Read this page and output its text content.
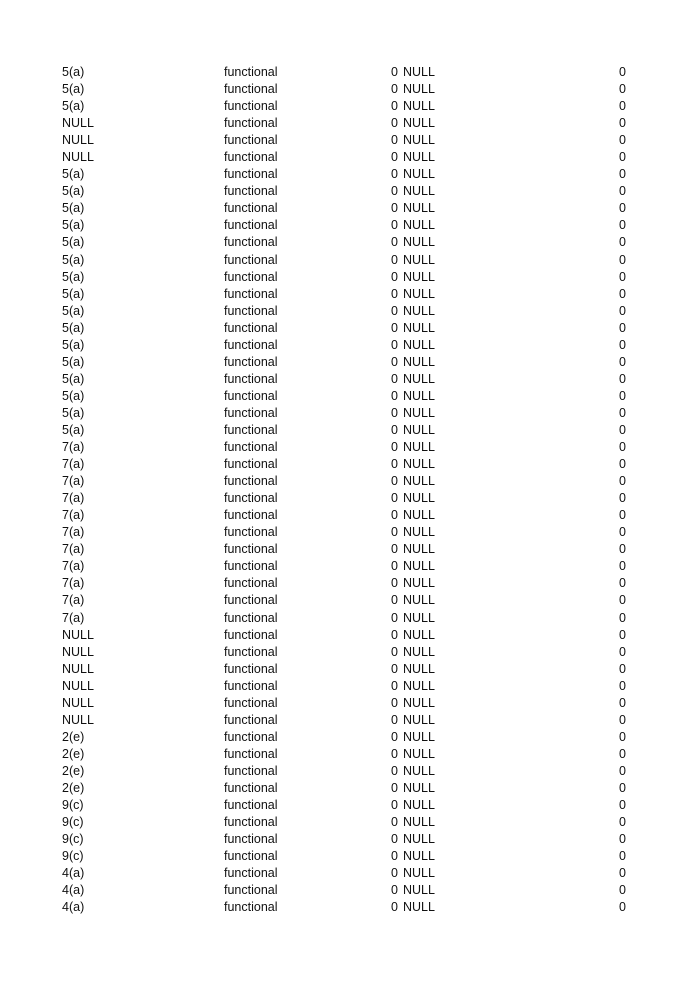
5(a)	functional	0 NULL	0
5(a)	functional	0 NULL	0
5(a)	functional	0 NULL	0
NULL	functional	0 NULL	0
NULL	functional	0 NULL	0
NULL	functional	0 NULL	0
5(a)	functional	0 NULL	0
5(a)	functional	0 NULL	0
5(a)	functional	0 NULL	0
5(a)	functional	0 NULL	0
5(a)	functional	0 NULL	0
5(a)	functional	0 NULL	0
5(a)	functional	0 NULL	0
5(a)	functional	0 NULL	0
5(a)	functional	0 NULL	0
5(a)	functional	0 NULL	0
5(a)	functional	0 NULL	0
5(a)	functional	0 NULL	0
5(a)	functional	0 NULL	0
5(a)	functional	0 NULL	0
5(a)	functional	0 NULL	0
5(a)	functional	0 NULL	0
7(a)	functional	0 NULL	0
7(a)	functional	0 NULL	0
7(a)	functional	0 NULL	0
7(a)	functional	0 NULL	0
7(a)	functional	0 NULL	0
7(a)	functional	0 NULL	0
7(a)	functional	0 NULL	0
7(a)	functional	0 NULL	0
7(a)	functional	0 NULL	0
7(a)	functional	0 NULL	0
7(a)	functional	0 NULL	0
NULL	functional	0 NULL	0
NULL	functional	0 NULL	0
NULL	functional	0 NULL	0
NULL	functional	0 NULL	0
NULL	functional	0 NULL	0
NULL	functional	0 NULL	0
2(e)	functional	0 NULL	0
2(e)	functional	0 NULL	0
2(e)	functional	0 NULL	0
2(e)	functional	0 NULL	0
9(c)	functional	0 NULL	0
9(c)	functional	0 NULL	0
9(c)	functional	0 NULL	0
9(c)	functional	0 NULL	0
4(a)	functional	0 NULL	0
4(a)	functional	0 NULL	0
4(a)	functional	0 NULL	0
